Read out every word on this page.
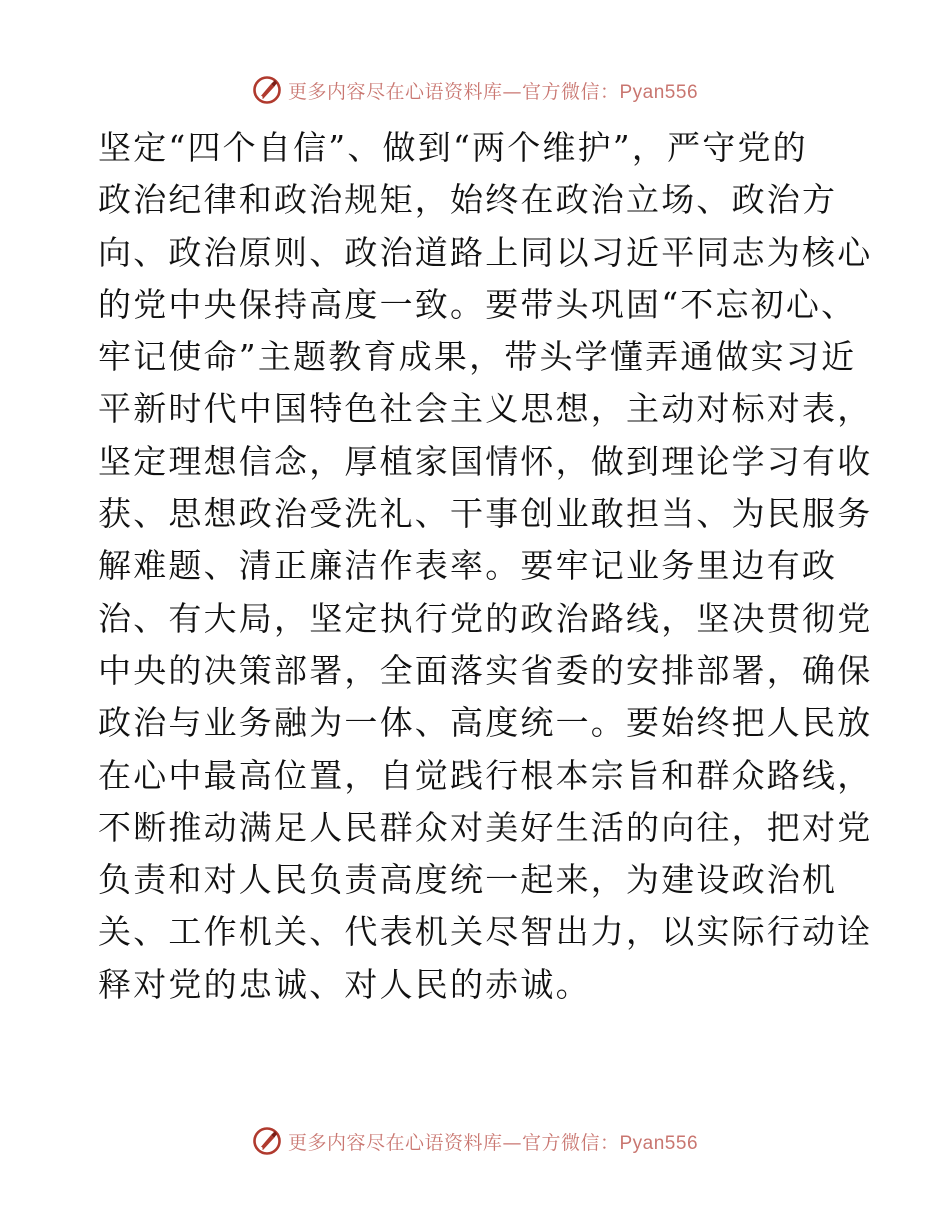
更多内容尽在心语资料库—官方微信：Pyan556
坚定“四个自信”、做到“两个维护”，严守党的
政治纪律和政治规矩，始终在政治立场、政治方
向、政治原则、政治道路上同以习近平同志为核心
的党中央保持高度一致。要带头巩固“不忘初心、
牢记使命”主题教育成果，带头学懂弄通做实习近
平新时代中国特色社会主义思想，主动对标对表，
坚定理想信念，厚植家国情怀，做到理论学习有收
获、思想政治受洗礼、干事创业敢担当、为民服务
解难题、清正廉洁作表率。要牢记业务里边有政
治、有大局，坚定执行党的政治路线，坚决贯彻党
中央的决策部署，全面落实省委的安排部署，确保
政治与业务融为一体、高度统一。要始终把人民放
在心中最高位置，自觉践行根本宗旨和群众路线，
不断推动满足人民群众对美好生活的向往，把对党
负责和对人民负责高度统一起来，为建设政治机
关、工作机关、代表机关尽智出力，以实际行动诠
释对党的忠诚、对人民的赤诚。
更多内容尽在心语资料库—官方微信：Pyan556
